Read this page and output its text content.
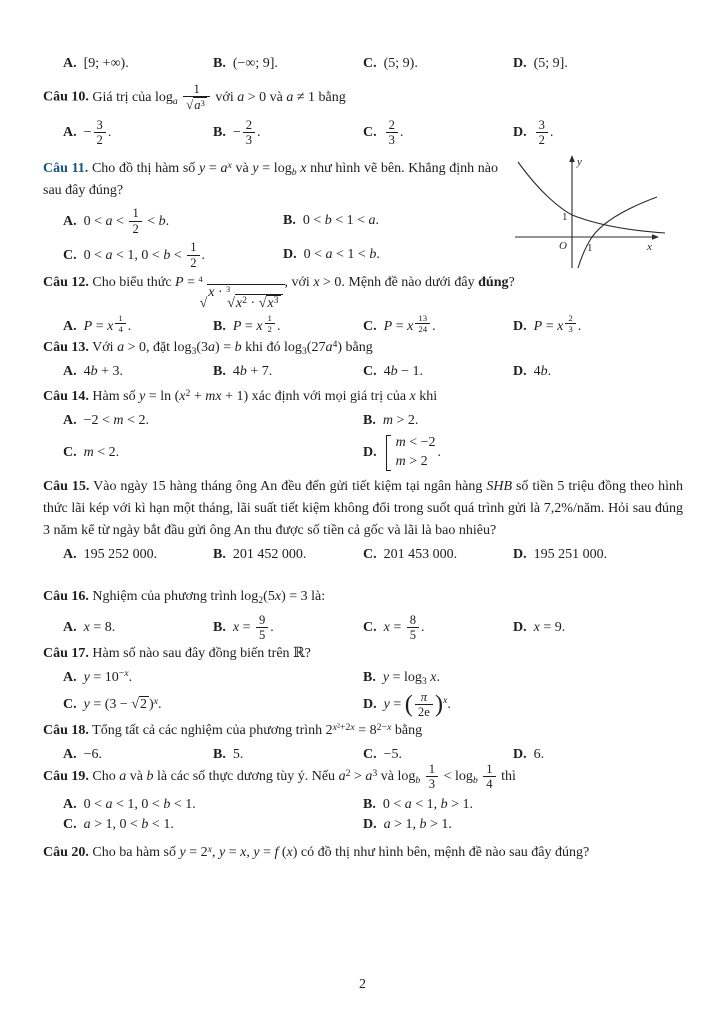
A. [9; +∞).	B. (−∞; 9].	C. (5; 9).	D. (5; 9].

Câu 10. Giá trị của $\log_a \frac{1}{√ a^3}$ với a > 0 và a ≠ 1 bằng

A. − $\frac{3}{2}$ .	B. − $\frac{2}{3}$ .	C. $\frac{2}{3}$ .	D. $\frac{3}{2}$ .

Câu 11. Cho đồ thị hàm số $y = a^x$ và $y = \log_b x$ như hình vẽ bên. Khẳng định nào sau đây đúng?

A. $0 < a < \frac{1}{2} < b$.	B. 0 < b < 1 < a.
C. 0 < a < 1, $0 < b < \frac{1}{2}$ .	D. 0 < a < 1 < b.
y
x
O
1
1

Câu 12. Cho biểu thức P = 4
√
x · 3
√ $x^2$ · √ $x^3$
, với x > 0. Mệnh đề nào dưới đây đúng?

A. P = x $^{\frac{1}{4}}$ .	B. P = x $^{\frac{1}{2}}$ .	C. P = x $^{\frac{13}{24}}$ .	D. P = x $^{\frac{2}{3}}$ .

Câu 13. Với a > 0, đặt $\log_3(3a) = b$ khi đó $\log_3(27a^4)$ bằng

A. 4b + 3.	B. 4b + 7.	C. 4b − 1.	D. 4b.

Câu 14. Hàm số $y = \ln (x^2$ + mx + 1) xác định với mọi giá trị của x khi

A. −2 < m < 2.	B. m > 2.
C. m < 2.	D.
m < −2
m > 2
.

Câu 15. Vào ngày 15 hàng tháng ông An đều đến gửi tiết kiệm tại ngân hàng SHB số tiền 5 triệu đồng theo hình thức lãi kép với kì hạn một tháng, lãi suất tiết kiệm không đổi trong suốt quá trình gửi là 7,2%/năm. Hỏi sau đúng 3 năm kể từ ngày bắt đầu gửi ông An thu được số tiền cả gốc và lãi là bao nhiêu?

A. 195 252 000.	B. 201 452 000.	C. 201 453 000.	D. 195 251 000.

Câu 16. Nghiệm của phương trình $\log_2(5x) = 3$ là:

A. x = 8.	B. $x = \frac{9}{5}$ .	C. $x = \frac{8}{5}$ .	D. x = 9.

Câu 17. Hàm số nào sau đây đồng biến trên ℝ?

A. $y = 10^{-x}$.	B. $y = \log_3 x$.
C. y = (3 − √ 2 )$^x$.	D. y = ( $\frac{\pi}{2e} )^x$.

Câu 18. Tổng tất cả các nghiệm của phương trình $2^{x^2+2x} = 8^{2-x}$ bằng

A. −6.	B. 5.	C. −5.	D. 6.

Câu 19. Cho a và b là các số thực dương tùy ý. Nếu $a^2 > a^3$ và $\log_b \frac{1}{3} < \log_b \frac{1}{4}$ thì

A. 0 < a < 1, 0 < b < 1.	B. 0 < a < 1, b > 1.
C. a > 1, 0 < b < 1.	D. a > 1, b > 1.

Câu 20. Cho ba hàm số $y = 2^x$, y = x, y = f (x) có đồ thị như hình bên, mệnh đề nào sau đây đúng?

2
